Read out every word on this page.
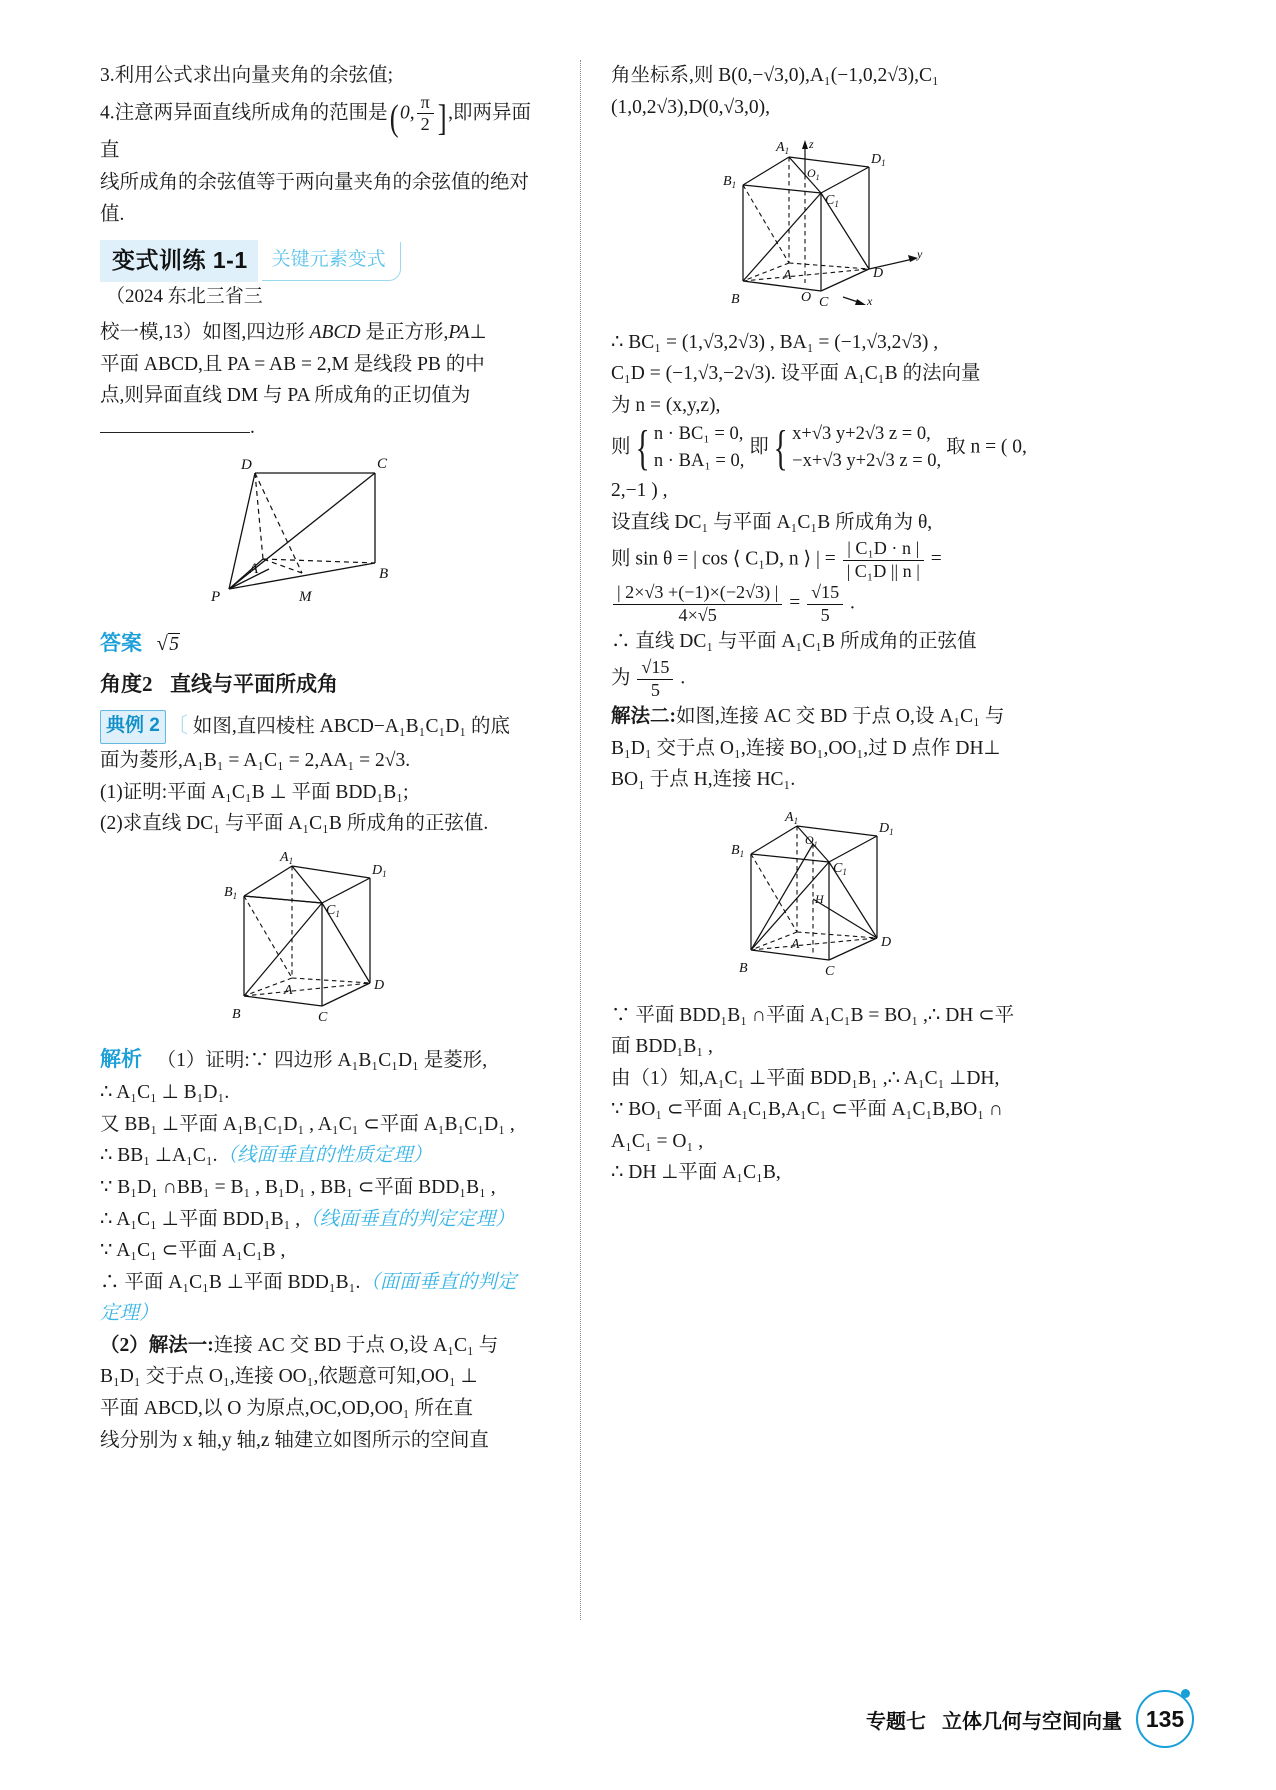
3.利用公式求出向量夹角的余弦值;

4.注意两异面直线所成角的范围是(0, $\frac{\pi}{2}$ ],即两异面直

线所成角的余弦值等于两向量夹角的余弦值的绝对值.

变式训练 1-1	关键元素变式
（2024 东北三省三

校一模,13）如图,四边形 ABCD 是正方形,PA⊥

平面 ABCD,且 PA = AB = 2,M 是线段 PB 的中

点,则异面直线 DM 与 PA 所成角的正切值为

.

D	C
A	B
P	M

答案 √5

角度2 直线与平面所成角

典例 2 〔 如图,直四棱柱 ABCD−A₁B₁C₁D₁ 的底

面为菱形,A₁B₁ = A₁C₁ = 2,AA₁ = 2√3.

(1)证明:平面 A₁C₁B ⊥ 平面 BDD₁B₁;

(2)求直线 DC₁ 与平面 A₁C₁B 所成角的正弦值.

$A_1$
$D_1$
$B_1$
$C_1$
A	D
B	C

解析 （1）证明:∵ 四边形 A₁B₁C₁D₁ 是菱形,

∴ A₁C₁ ⊥ B₁D₁.

又 BB₁ ⊥平面 A₁B₁C₁D₁ , A₁C₁ ⊂平面 A₁B₁C₁D₁ ,

∴ BB₁ ⊥A₁C₁.（线面垂直的性质定理）

∵ B₁D₁ ∩BB₁ = B₁ , B₁D₁ , BB₁ ⊂平面 BDD₁B₁ ,

∴ A₁C₁ ⊥平面 BDD₁B₁ ,（线面垂直的判定定理）

∵ A₁C₁ ⊂平面 A₁C₁B ,

∴ 平面 A₁C₁B ⊥平面 BDD₁B₁.（面面垂直的判定

定理）

（2）解法一:连接 AC 交 BD 于点 O,设 A₁C₁ 与

B₁D₁ 交于点 O₁,连接 OO₁,依题意可知,OO₁ ⊥

平面 ABCD,以 O 为原点,OC,OD,OO₁ 所在直

线分别为 x 轴,y 轴,z 轴建立如图所示的空间直

角坐标系,则 B(0,−√3,0),A₁(−1,0,2√3),C₁

(1,0,2√3),D(0,√3,0),

$A_1$ z
$D_1$
$B_1$
$O_1$
$C_1$
A	D
y
O
B	C	x

∴ BC₁ = (1,√3,2√3) , BA₁ = (−1,√3,2√3) ,

C₁D = (−1,√3,−2√3). 设平面 A₁C₁B 的法向量

为 n = (x,y,z),

则 { n · BC₁ = 0,
n · BA₁ = 0,
即 { x+√3 y+2√3 z = 0,
−x+√3 y+2√3 z = 0,
取 n = ( 0,

2,−1 ) ,

设直线 DC₁ 与平面 A₁C₁B 所成角为 θ,

则 sin θ = | cos ⟨ C₁D, n ⟩ | = $\frac{\text{| C₁D · n |}}{\text{| C₁D || n |}}$ =

$\frac{| 2\times√3 +(-1)\times(-2√3) |}{4\times√5} = \frac{√15}{5}$ .

∴ 直线 DC₁ 与平面 A₁C₁B 所成角的正弦值

为 $\frac{√15}{5}$ .

解法二:如图,连接 AC 交 BD 于点 O,设 A₁C₁ 与

B₁D₁ 交于点 O₁,连接 BO₁,OO₁,过 D 点作 DH⊥

BO₁ 于点 H,连接 HC₁.

$A_1$	$D_1$
$B_1$
$O_1$
$C_1$
H
A	D
B	C

∵ 平面 BDD₁B₁ ∩平面 A₁C₁B = BO₁ ,∴ DH ⊂平

面 BDD₁B₁ ,

由（1）知,A₁C₁ ⊥平面 BDD₁B₁ ,∴ A₁C₁ ⊥DH,

∵ BO₁ ⊂平面 A₁C₁B,A₁C₁ ⊂平面 A₁C₁B,BO₁ ∩

A₁C₁ = O₁ ,

∴ DH ⊥平面 A₁C₁B,

专题七 立体几何与空间向量 135
